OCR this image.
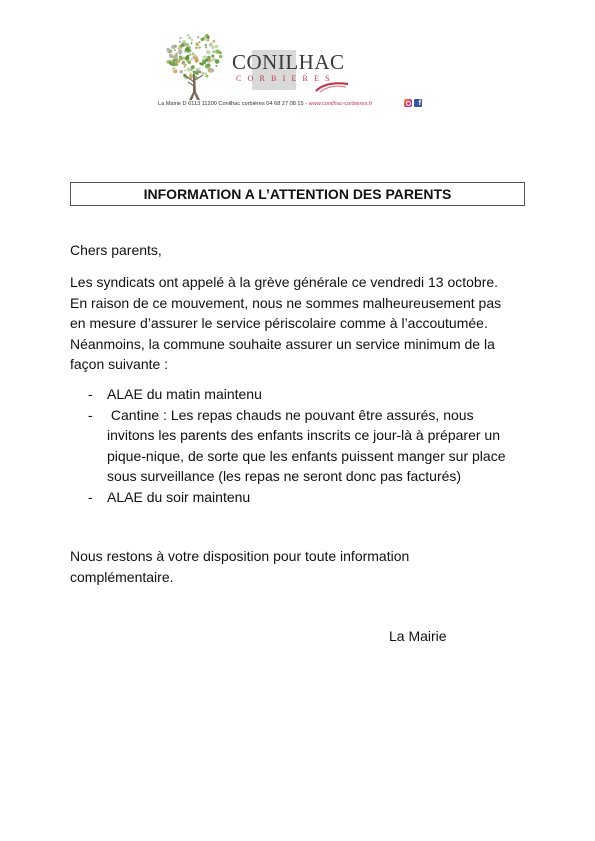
CONILHAC
CORBIERES
La Mairie D 6113 11200 Conilhac corbières 04 68 27 08 15 - www.conilhac-corbieres.fr	f
INFORMATION A L’ATTENTION DES PARENTS
Chers parents,
Les syndicats ont appelé à la grève générale ce vendredi 13 octobre.
En raison de ce mouvement, nous ne sommes malheureusement pas
en mesure d’assurer le service périscolaire comme à l’accoutumée.
Néanmoins, la commune souhaite assurer un service minimum de la
façon suivante :
- ALAE du matin maintenu
- Cantine : Les repas chauds ne pouvant être assurés, nous
invitons les parents des enfants inscrits ce jour-là à préparer un
pique-nique, de sorte que les enfants puissent manger sur place
sous surveillance (les repas ne seront donc pas facturés)
- ALAE du soir maintenu
Nous restons à votre disposition pour toute information
complémentaire.
La Mairie
